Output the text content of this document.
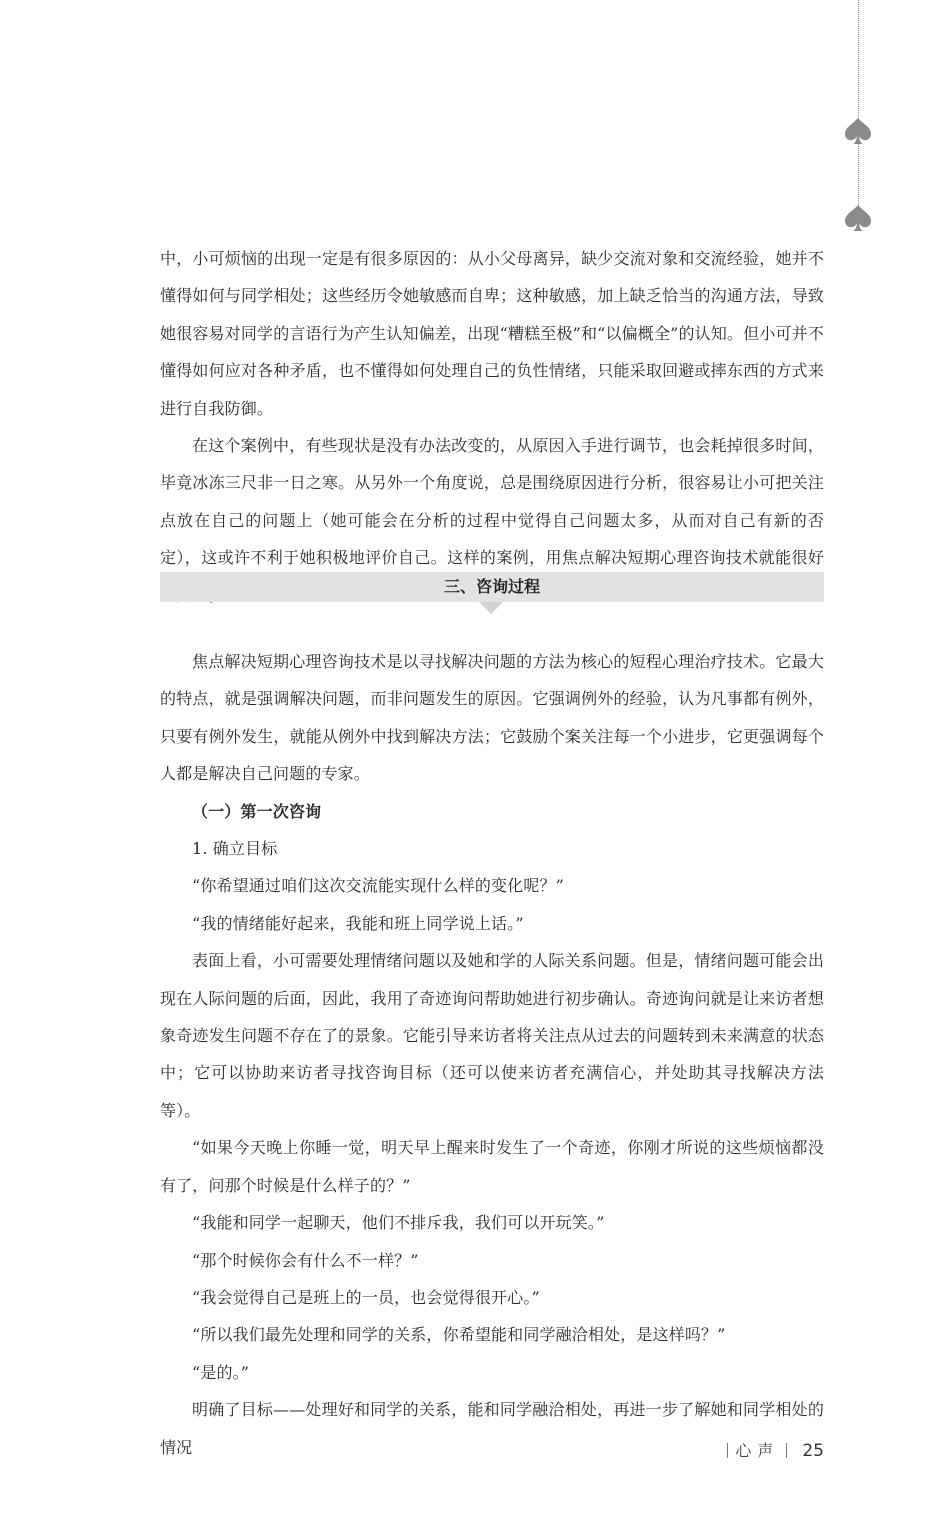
中，小可烦恼的出现一定是有很多原因的：从小父母离异，缺少交流对象和交流经验，她并不懂得如何与同学相处；这些经历令她敏感而自卑；这种敏感，加上缺乏恰当的沟通方法，导致她很容易对同学的言语行为产生认知偏差，出现“糟糕至极”和“以偏概全”的认知。但小可并不懂得如何应对各种矛盾，也不懂得如何处理自己的负性情绪，只能采取回避或摔东西的方式来进行自我防御。

在这个案例中，有些现状是没有办法改变的，从原因入手进行调节，也会耗掉很多时间，毕竟冰冻三尺非一日之寒。从另外一个角度说，总是围绕原因进行分析，很容易让小可把关注点放在自己的问题上（她可能会在分析的过程中觉得自己问题太多，从而对自己有新的否定），这或许不利于她积极地评价自己。这样的案例，用焦点解决短期心理咨询技术就能很好

三、咨询过程

焦点解决短期心理咨询技术是以寻找解决问题的方法为核心的短程心理治疗技术。它最大的特点，就是强调解决问题，而非问题发生的原因。它强调例外的经验，认为凡事都有例外，只要有例外发生，就能从例外中找到解决方法；它鼓励个案关注每一个小进步，它更强调每个人都是解决自己问题的专家。

（一）第一次咨询

1. 确立目标

“你希望通过咱们这次交流能实现什么样的变化呢？”

“我的情绪能好起来，我能和班上同学说上话。”

表面上看，小可需要处理情绪问题以及她和学的人际关系问题。但是，情绪问题可能会出现在人际问题的后面，因此，我用了奇迹询问帮助她进行初步确认。奇迹询问就是让来访者想象奇迹发生问题不存在了的景象。它能引导来访者将关注点从过去的问题转到未来满意的状态中；它可以协助来访者寻找咨询目标（还可以使来访者充满信心，并处助其寻找解决方法等）。

“如果今天晚上你睡一觉，明天早上醒来时发生了一个奇迹，你刚才所说的这些烦恼都没有了，问那个时候是什么样子的？”

“我能和同学一起聊天，他们不排斥我，我们可以开玩笑。”

“那个时候你会有什么不一样？”

“我会觉得自己是班上的一员，也会觉得很开心。”

“所以我们最先处理和同学的关系，你希望能和同学融洽相处，是这样吗？”

“是的。”

明确了目标——处理好和同学的关系，能和同学融洽相处，再进一步了解她和同学相处的情况	心声 25
